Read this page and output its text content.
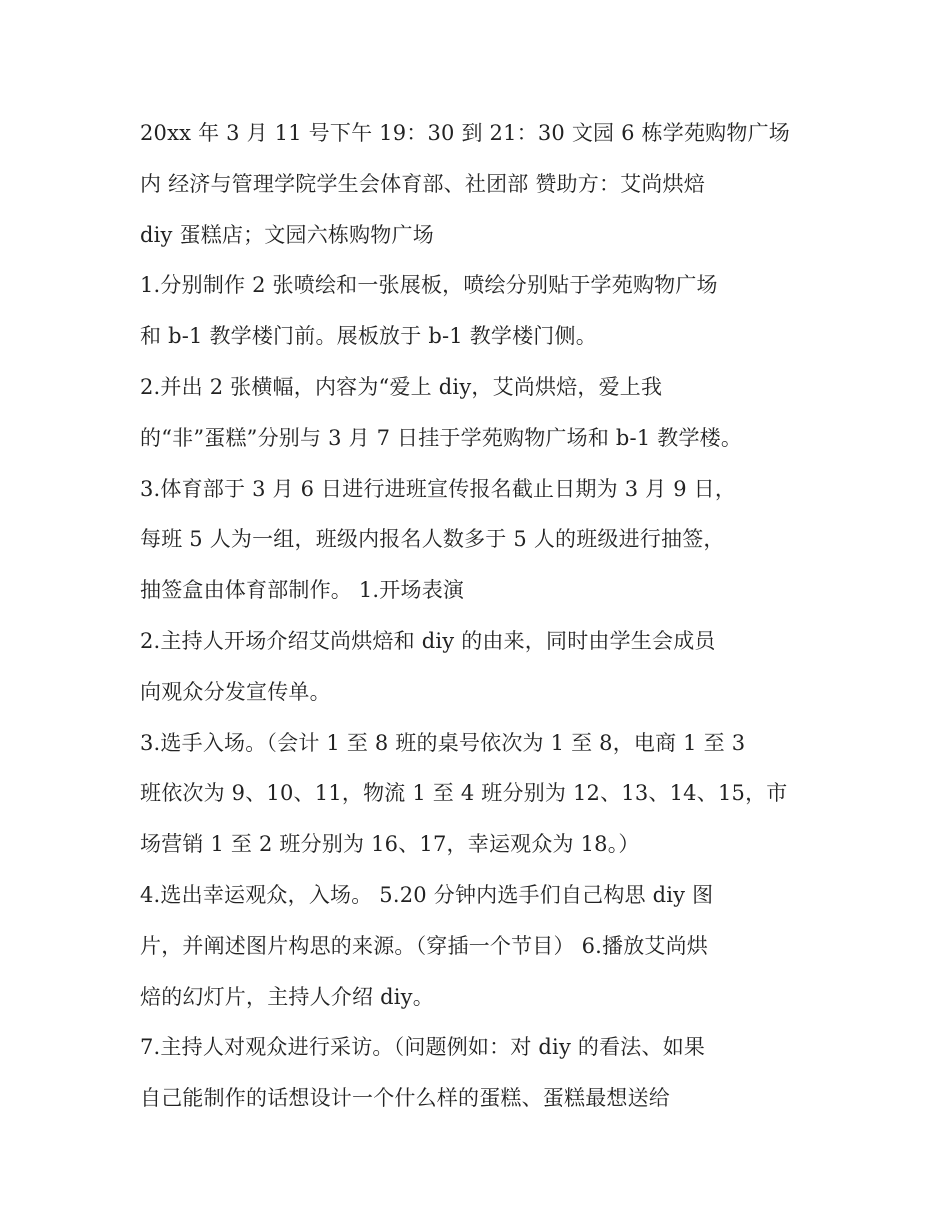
20xx 年 3 月 11 号下午 19：30 到 21：30 文园 6 栋学苑购物广场
内 经济与管理学院学生会体育部、社团部 赞助方：艾尚烘焙
diy 蛋糕店；文园六栋购物广场
1.分别制作 2 张喷绘和一张展板，喷绘分别贴于学苑购物广场
和 b-1 教学楼门前。展板放于 b-1 教学楼门侧。
2.并出 2 张横幅，内容为“爱上 diy，艾尚烘焙，爱上我
的“非”蛋糕”分别与 3 月 7 日挂于学苑购物广场和 b-1 教学楼。
3.体育部于 3 月 6 日进行进班宣传报名截止日期为 3 月 9 日，
每班 5 人为一组，班级内报名人数多于 5 人的班级进行抽签，
抽签盒由体育部制作。 1.开场表演
2.主持人开场介绍艾尚烘焙和 diy 的由来，同时由学生会成员
向观众分发宣传单。
3.选手入场。（会计 1 至 8 班的桌号依次为 1 至 8，电商 1 至 3
班依次为 9、10、11，物流 1 至 4 班分别为 12、13、14、15，市
场营销 1 至 2 班分别为 16、17，幸运观众为 18。）
4.选出幸运观众，入场。 5.20 分钟内选手们自己构思 diy 图
片，并阐述图片构思的来源。（穿插一个节目） 6.播放艾尚烘
焙的幻灯片，主持人介绍 diy。
7.主持人对观众进行采访。（问题例如：对 diy 的看法、如果
自己能制作的话想设计一个什么样的蛋糕、蛋糕最想送给
